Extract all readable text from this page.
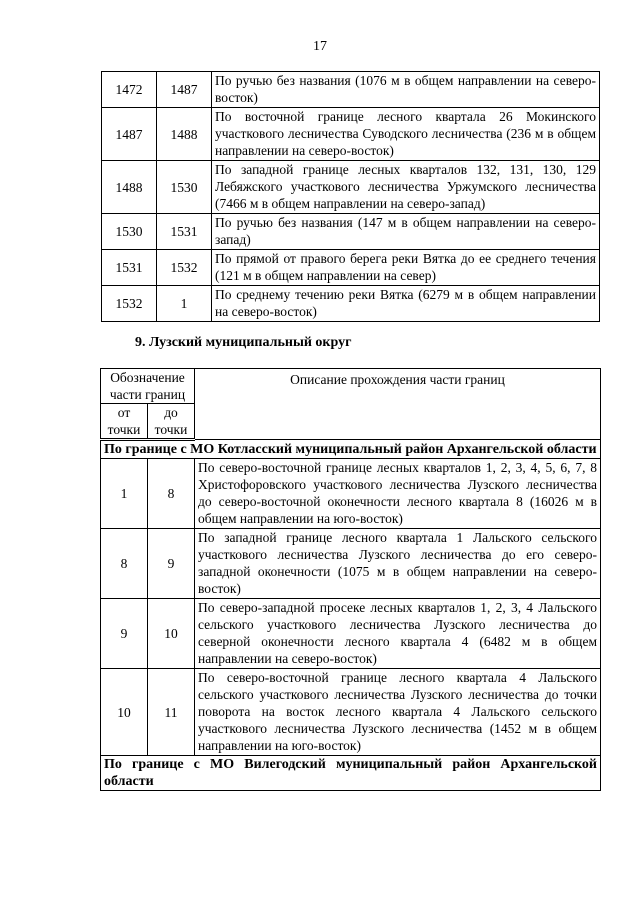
17
1472	1487	По ручью без названия (1076 м в общем направлении на северо-восток)
1487	1488	По восточной границе лесного квартала 26 Мокинского участкового лесничества Суводского лесничества (236 м в общем направлении на северо-восток)
1488	1530	По западной границе лесных кварталов 132, 131, 130, 129 Лебяжского участкового лесничества Уржумского лесничества (7466 м в общем направлении на северо-запад)
1530	1531	По ручью без названия (147 м в общем направлении на северо-запад)
1531	1532	По прямой от правого берега реки Вятка до ее среднего течения (121 м в общем направлении на север)
1532	1	По среднему течению реки Вятка (6279 м в общем направлении на северо-восток)
9. Лузский муниципальный округ
Обозначение части границ		Описание прохождения части границ
от точки	до точки	
По границе с МО Котласский муниципальный район Архангельской области		
1	8	По северо-восточной границе лесных кварталов 1, 2, 3, 4, 5, 6, 7, 8 Христофоровского участкового лесничества Лузского лесничества до северо-восточной оконечности лесного квартала 8 (16026 м в общем направлении на юго-восток)
8	9	По западной границе лесного квартала 1 Лальского сельского участкового лесничества Лузского лесничества до его северо-западной оконечности (1075 м в общем направлении на северо-восток)
9	10	По северо-западной просеке лесных кварталов 1, 2, 3, 4 Лальского сельского участкового лесничества Лузского лесничества до северной оконечности лесного квартала 4 (6482 м в общем направлении на северо-восток)
10	11	По северо-восточной границе лесного квартала 4 Лальского сельского участкового лесничества Лузского лесничества до точки поворота на восток лесного квартала 4 Лальского сельского участкового лесничества Лузского лесничества (1452 м в общем направлении на юго-восток)
По границе с МО Вилегодский муниципальный район Архангельской области		
